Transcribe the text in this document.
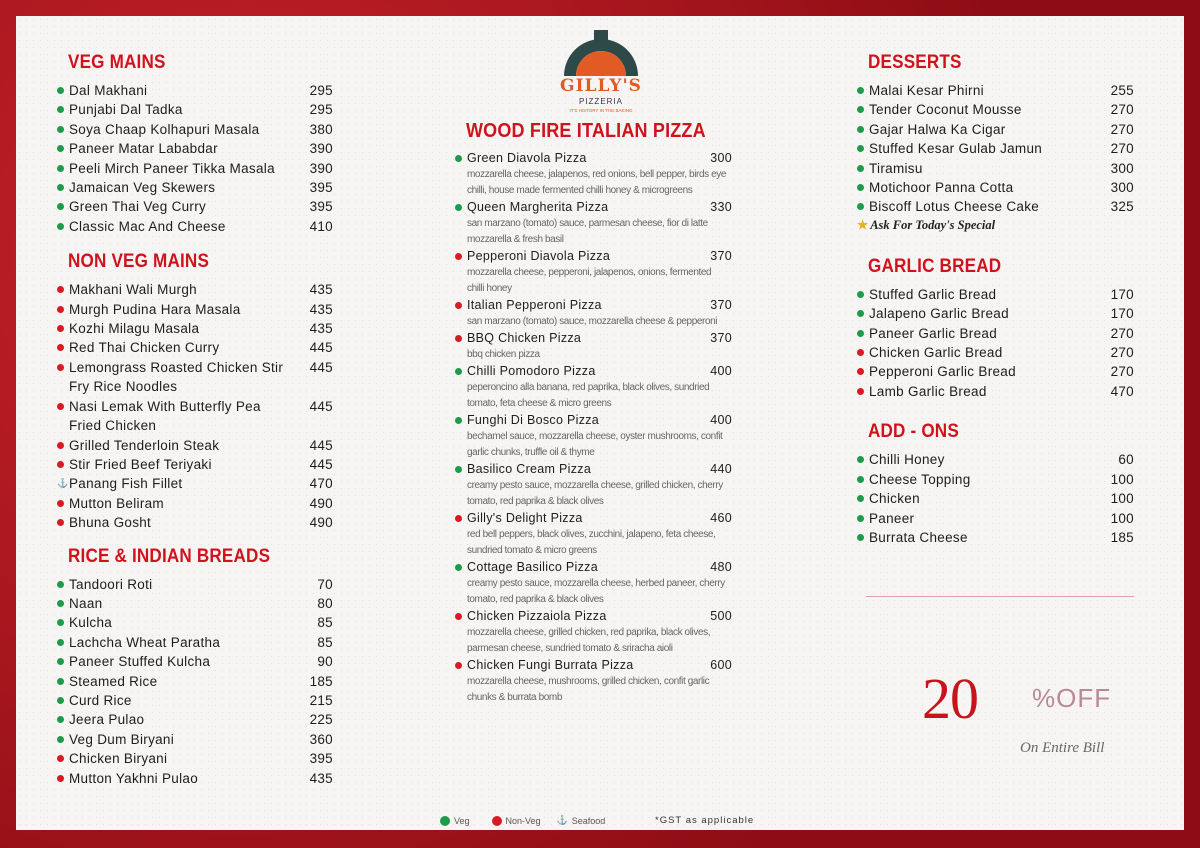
GILLY'S
PIZZERIA
IT'S HISTORY IN THE BAKING
VEG MAINS
Dal Makhani	295
Punjabi Dal Tadka	295
Soya Chaap Kolhapuri Masala	380
Paneer Matar Lababdar	390
Peeli Mirch Paneer Tikka Masala	390
Jamaican Veg Skewers	395
Green Thai Veg Curry	395
Classic Mac And Cheese	410
NON VEG MAINS
Makhani Wali Murgh	435
Murgh Pudina Hara Masala	435
Kozhi Milagu Masala	435
Red Thai Chicken Curry	445
Lemongrass Roasted Chicken Stir Fry Rice Noodles
445
Nasi Lemak With Butterfly Pea Fried Chicken
445
Grilled Tenderloin Steak	445
Stir Fried Beef Teriyaki	445
⚓ Panang Fish Fillet	470
Mutton Beliram	490
Bhuna Gosht	490
RICE & INDIAN BREADS
Tandoori Roti	70
Naan	80
Kulcha	85
Lachcha Wheat Paratha	85
Paneer Stuffed Kulcha	90
Steamed Rice	185
Curd Rice	215
Jeera Pulao	225
Veg Dum Biryani	360
Chicken Biryani	395
Mutton Yakhni Pulao	435
WOOD FIRE ITALIAN PIZZA
Green Diavola Pizza	300
mozzarella cheese, jalapenos, red onions, bell pepper, birds eye chilli, house made fermented chilli honey & microgreens
Queen Margherita Pizza	330
san marzano (tomato) sauce, parmesan cheese, fior di latte mozzarella & fresh basil
Pepperoni Diavola Pizza	370
mozzarella cheese, pepperoni, jalapenos, onions, fermented chilli honey
Italian Pepperoni Pizza	370
san marzano (tomato) sauce, mozzarella cheese & pepperoni
BBQ Chicken Pizza	370
bbq chicken pizza
Chilli Pomodoro Pizza	400
peperoncino alla banana, red paprika, black olives, sundried tomato, feta cheese & micro greens
Funghi Di Bosco Pizza	400
bechamel sauce, mozzarella cheese, oyster mushrooms, confit garlic chunks, truffle oil & thyme
Basilico Cream Pizza	440
creamy pesto sauce, mozzarella cheese, grilled chicken, cherry tomato, red paprika & black olives
Gilly's Delight Pizza	460
red bell peppers, black olives, zucchini, jalapeno, feta cheese, sundried tomato & micro greens
Cottage Basilico Pizza	480
creamy pesto sauce, mozzarella cheese, herbed paneer, cherry tomato, red paprika & black olives
Chicken Pizzaiola Pizza	500
mozzarella cheese, grilled chicken, red paprika, black olives, parmesan cheese, sundried tomato & sriracha aioli
Chicken Fungi Burrata Pizza	600
mozzarella cheese, mushrooms, grilled chicken, confit garlic chunks & burrata bomb
DESSERTS
Malai Kesar Phirni	255
Tender Coconut Mousse	270
Gajar Halwa Ka Cigar	270
Stuffed Kesar Gulab Jamun	270
Tiramisu	300
Motichoor Panna Cotta	300
Biscoff Lotus Cheese Cake	325
★ Ask For Today's Special
GARLIC BREAD
Stuffed Garlic Bread	170
Jalapeno Garlic Bread	170
Paneer Garlic Bread	270
Chicken Garlic Bread	270
Pepperoni Garlic Bread	270
Lamb Garlic Bread	470
ADD - ONS
Chilli Honey	60
Cheese Topping	100
Chicken	100
Paneer	100
Burrata Cheese	185
20 %OFF
On Entire Bill
Veg	Non-Veg ⚓ Seafood	*GST as applicable
